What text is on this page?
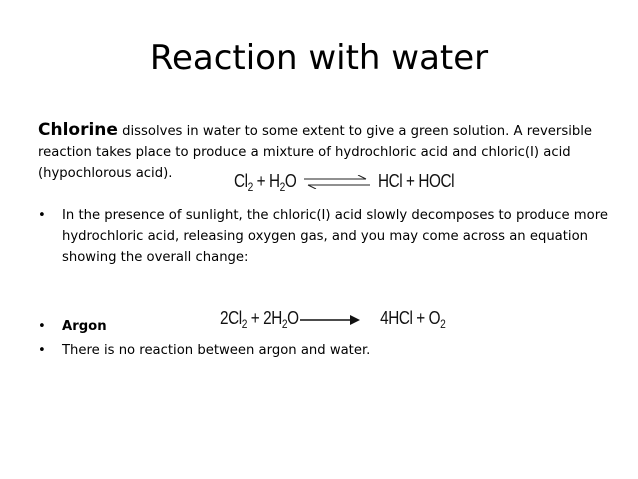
Reaction with water
Chlorine dissolves in water to some extent to give a green solution. A reversible reaction takes place to produce a mixture of hydrochloric acid and chloric(I) acid (hypochlorous acid).	$Cl_2 + H_2O$	HCl + HOCl
•	In the presence of sunlight, the chloric(I) acid slowly decomposes to produce more hydrochloric acid, releasing oxygen gas, and you may come across an equation showing the overall change:
$2Cl_2 + 2H_2O$	$4HCl + O_2$
•	Argon
•	There is no reaction between argon and water.
